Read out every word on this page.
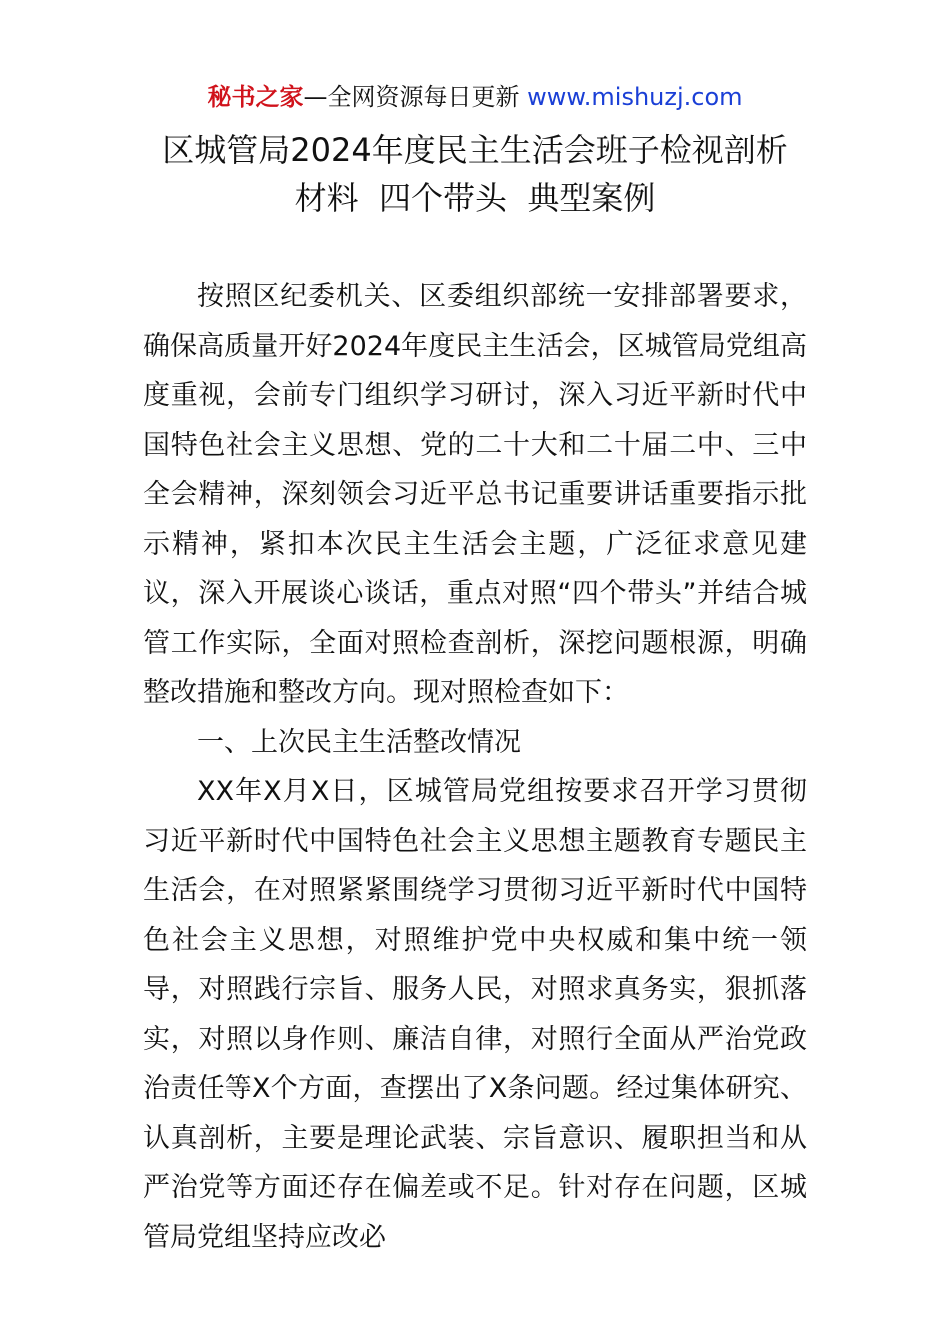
秘书之家—全网资源每日更新 www.mishuzj.com
区城管局2024年度民主生活会班子检视剖析
材料  四个带头  典型案例

按照区纪委机关、区委组织部统一安排部署要求，确保高质量开好2024年度民主生活会，区城管局党组高度重视，会前专门组织学习研讨，深入习近平新时代中国特色社会主义思想、党的二十大和二十届二中、三中全会精神，深刻领会习近平总书记重要讲话重要指示批示精神，紧扣本次民主生活会主题，广泛征求意见建议，深入开展谈心谈话，重点对照“四个带头”并结合城管工作实际，全面对照检查剖析，深挖问题根源，明确整改措施和整改方向。现对照检查如下：

一、上次民主生活整改情况

XX年X月X日，区城管局党组按要求召开学习贯彻习近平新时代中国特色社会主义思想主题教育专题民主生活会，在对照紧紧围绕学习贯彻习近平新时代中国特色社会主义思想，对照维护党中央权威和集中统一领导，对照践行宗旨、服务人民，对照求真务实，狠抓落实，对照以身作则、廉洁自律，对照行全面从严治党政治责任等X个方面，查摆出了X条问题。经过集体研究、认真剖析，主要是理论武装、宗旨意识、履职担当和从严治党等方面还存在偏差或不足。针对存在问题，区城管局党组坚持应改必
